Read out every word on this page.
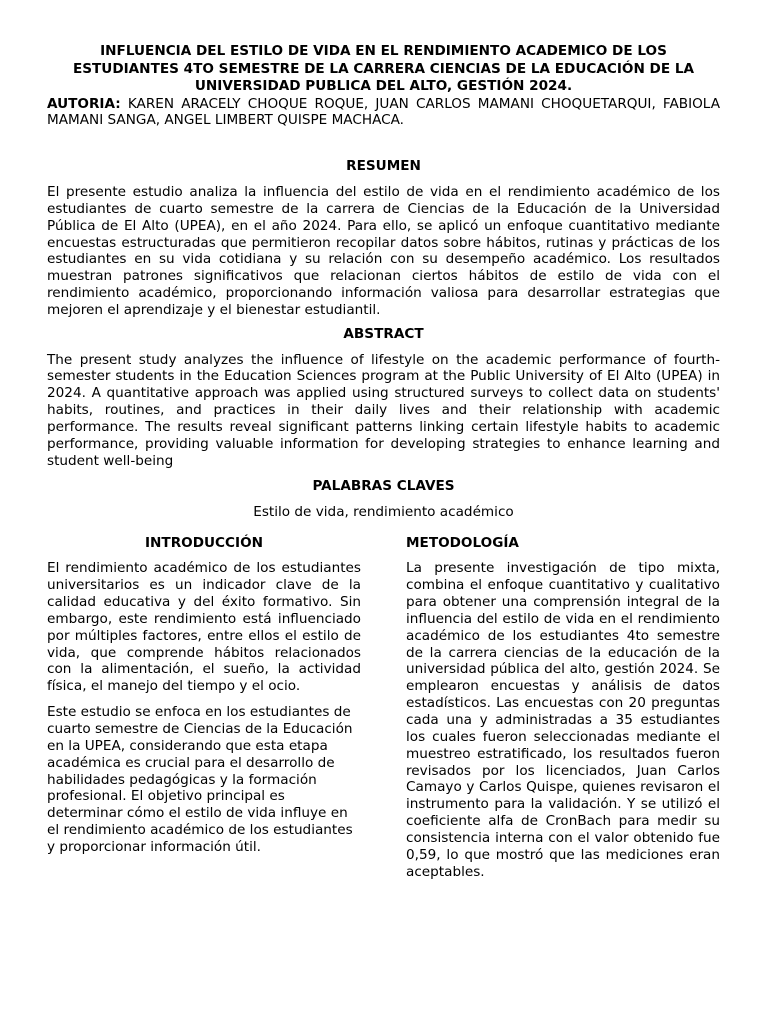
INFLUENCIA DEL ESTILO DE VIDA EN EL RENDIMIENTO ACADEMICO DE LOS ESTUDIANTES 4TO SEMESTRE DE LA CARRERA CIENCIAS DE LA EDUCACIÓN DE LA UNIVERSIDAD PUBLICA DEL ALTO, GESTIÓN 2024.

AUTORIA: KAREN ARACELY CHOQUE ROQUE, JUAN CARLOS MAMANI CHOQUETARQUI, FABIOLA MAMANI SANGA, ANGEL LIMBERT QUISPE MACHACA.

RESUMEN

El presente estudio analiza la influencia del estilo de vida en el rendimiento académico de los estudiantes de cuarto semestre de la carrera de Ciencias de la Educación de la Universidad Pública de El Alto (UPEA), en el año 2024. Para ello, se aplicó un enfoque cuantitativo mediante encuestas estructuradas que permitieron recopilar datos sobre hábitos, rutinas y prácticas de los estudiantes en su vida cotidiana y su relación con su desempeño académico. Los resultados muestran patrones significativos que relacionan ciertos hábitos de estilo de vida con el rendimiento académico, proporcionando información valiosa para desarrollar estrategias que mejoren el aprendizaje y el bienestar estudiantil.

ABSTRACT

The present study analyzes the influence of lifestyle on the academic performance of fourth-semester students in the Education Sciences program at the Public University of El Alto (UPEA) in 2024. A quantitative approach was applied using structured surveys to collect data on students' habits, routines, and practices in their daily lives and their relationship with academic performance. The results reveal significant patterns linking certain lifestyle habits to academic performance, providing valuable information for developing strategies to enhance learning and student well-being

PALABRAS CLAVES

Estilo de vida, rendimiento académico

INTRODUCCIÓN

El rendimiento académico de los estudiantes universitarios es un indicador clave de la calidad educativa y del éxito formativo. Sin embargo, este rendimiento está influenciado por múltiples factores, entre ellos el estilo de vida, que comprende hábitos relacionados con la alimentación, el sueño, la actividad física, el manejo del tiempo y el ocio.

Este estudio se enfoca en los estudiantes de cuarto semestre de Ciencias de la Educación en la UPEA, considerando que esta etapa académica es crucial para el desarrollo de habilidades pedagógicas y la formación profesional. El objetivo principal es determinar cómo el estilo de vida influye en el rendimiento académico de los estudiantes y proporcionar información útil.

METODOLOGÍA

La presente investigación de tipo mixta, combina el enfoque cuantitativo y cualitativo para obtener una comprensión integral de la influencia del estilo de vida en el rendimiento académico de los estudiantes 4to semestre de la carrera ciencias de la educación de la universidad pública del alto, gestión 2024. Se emplearon encuestas y análisis de datos estadísticos. Las encuestas con 20 preguntas cada una y administradas a 35 estudiantes los cuales fueron seleccionadas mediante el muestreo estratificado, los resultados fueron revisados por los licenciados, Juan Carlos Camayo y Carlos Quispe, quienes revisaron el instrumento para la validación. Y se utilizó el coeficiente alfa de CronBach para medir su consistencia interna con el valor obtenido fue 0,59, lo que mostró que las mediciones eran aceptables.
